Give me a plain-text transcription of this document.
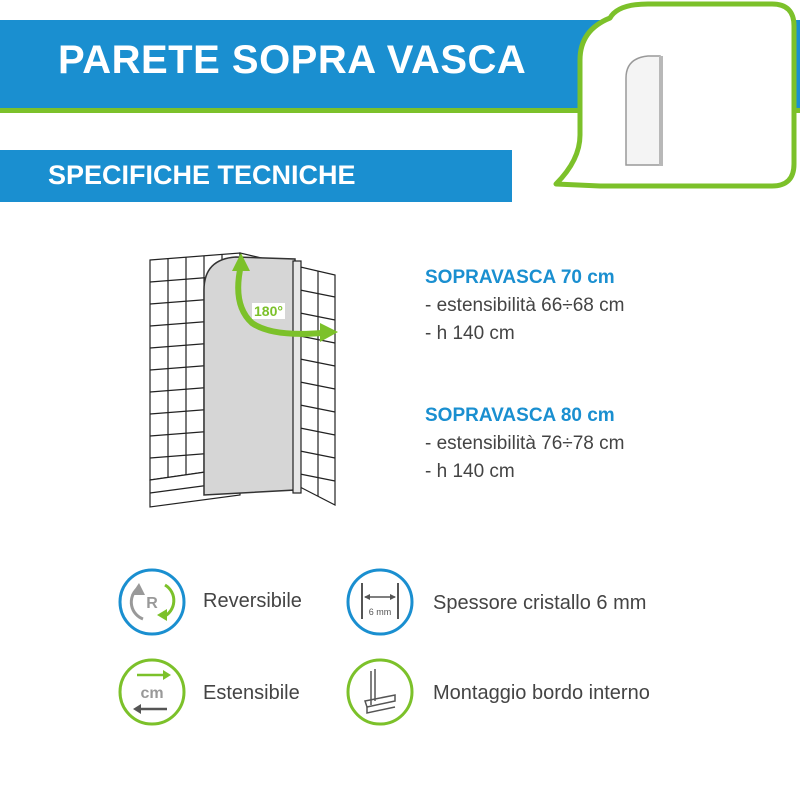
PARETE SOPRA VASCA
SPECIFICHE TECNICHE
180°
SOPRAVASCA 70 cm
- estensibilità 66÷68 cm
- h 140 cm
SOPRAVASCA 80 cm
- estensibilità 76÷78 cm
- h 140 cm
R Reversibile	6 mm Spessore cristallo 6 mm
cm Estensibile	Montaggio bordo interno
